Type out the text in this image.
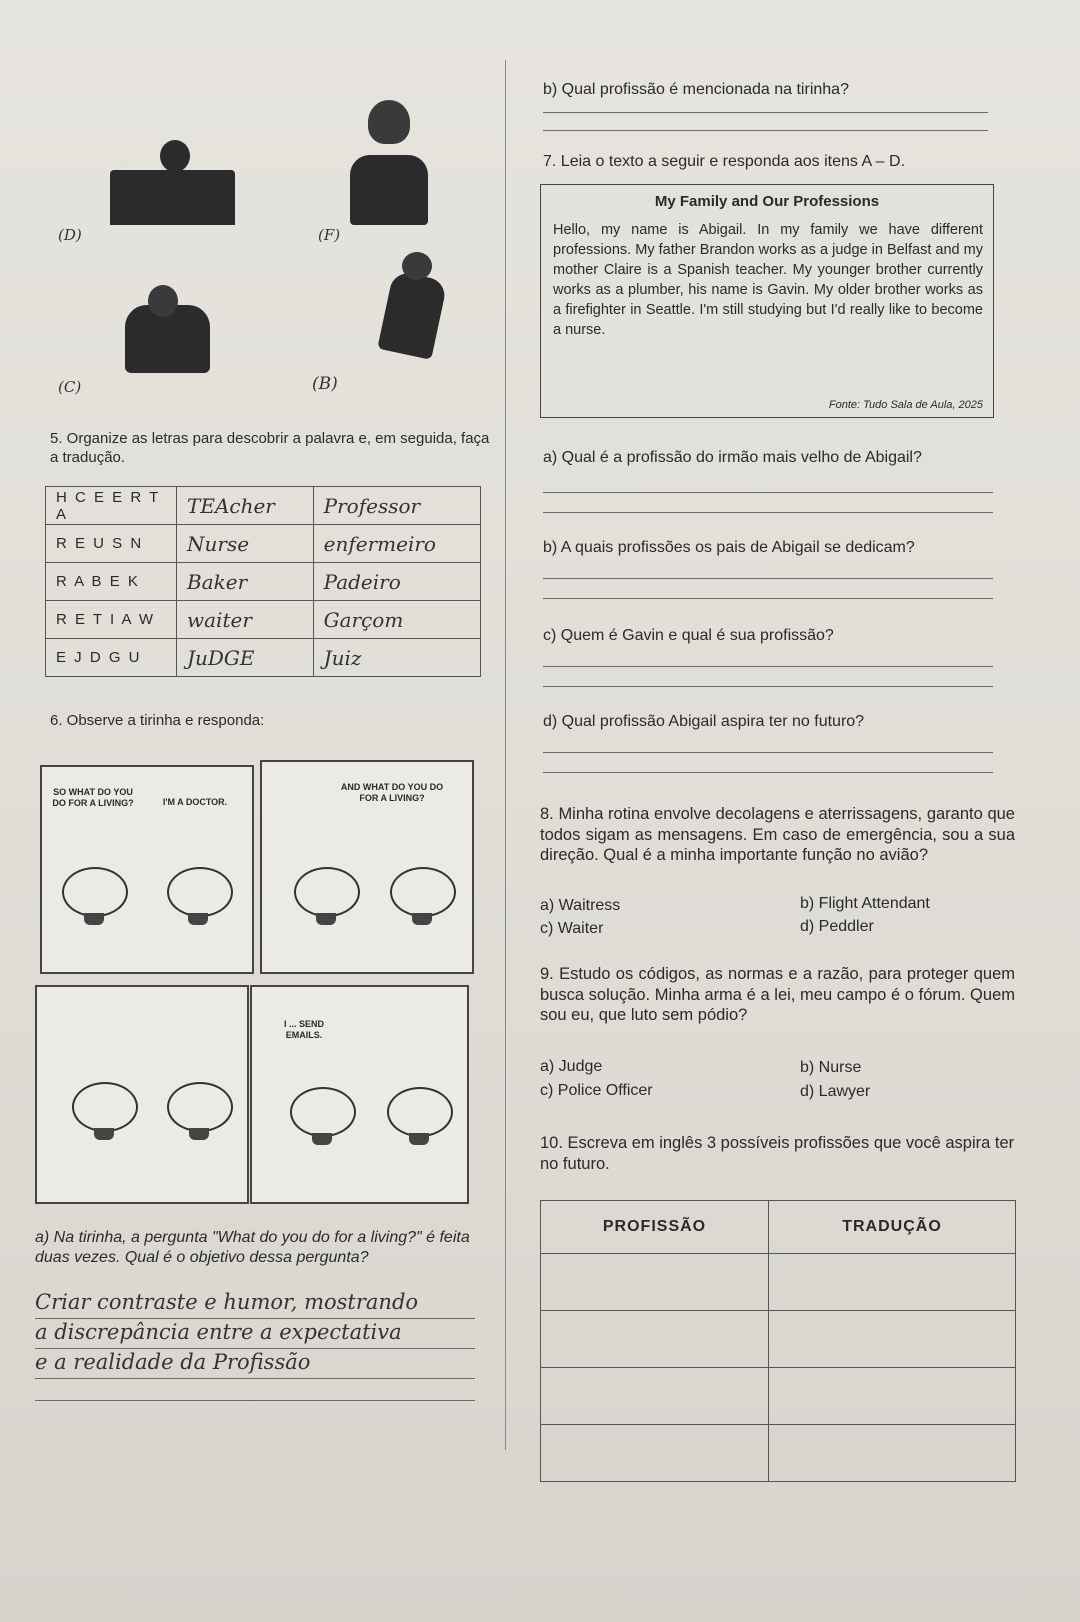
(D)	(F)
(C)	(B)
5. Organize as letras para descobrir a palavra e, em seguida, faça a tradução.
H C E E R T A	TEAcher	Professor
R E U S N	Nurse	enfermeiro
R A B E K	Baker	Padeiro
R E T I A W	waiter	Garçom
E J D G U	JuDGE	Juiz
6. Observe a tirinha e responda:
SO WHAT DO YOU DO FOR A LIVING?	I'M A DOCTOR.
AND WHAT DO YOU DO FOR A LIVING?
I ... SEND EMAILS.
a) Na tirinha, a pergunta "What do you do for a living?" é feita duas vezes. Qual é o objetivo dessa pergunta?
Criar contraste e humor, mostrando
a discrepância entre a expectativa
e a realidade da Profissão
b) Qual profissão é mencionada na tirinha?
7. Leia o texto a seguir e responda aos itens A – D.
My Family and Our Professions
Hello, my name is Abigail. In my family we have different professions. My father Brandon works as a judge in Belfast and my mother Claire is a Spanish teacher. My younger brother currently works as a plumber, his name is Gavin. My older brother works as a firefighter in Seattle. I'm still studying but I'd really like to become a nurse.
Fonte: Tudo Sala de Aula, 2025
a) Qual é a profissão do irmão mais velho de Abigail?
b) A quais profissões os pais de Abigail se dedicam?
c) Quem é Gavin e qual é sua profissão?
d) Qual profissão Abigail aspira ter no futuro?
8. Minha rotina envolve decolagens e aterrissagens, garanto que todos sigam as mensagens. Em caso de emergência, sou a sua direção. Qual é a minha importante função no avião?
a) Waitress	b) Flight Attendant
c) Waiter	d) Peddler
9. Estudo os códigos, as normas e a razão, para proteger quem busca solução. Minha arma é a lei, meu campo é o fórum. Quem sou eu, que luto sem pódio?
a) Judge	b) Nurse
c) Police Officer	d) Lawyer
10. Escreva em inglês 3 possíveis profissões que você aspira ter no futuro.
PROFISSÃO	TRADUÇÃO
